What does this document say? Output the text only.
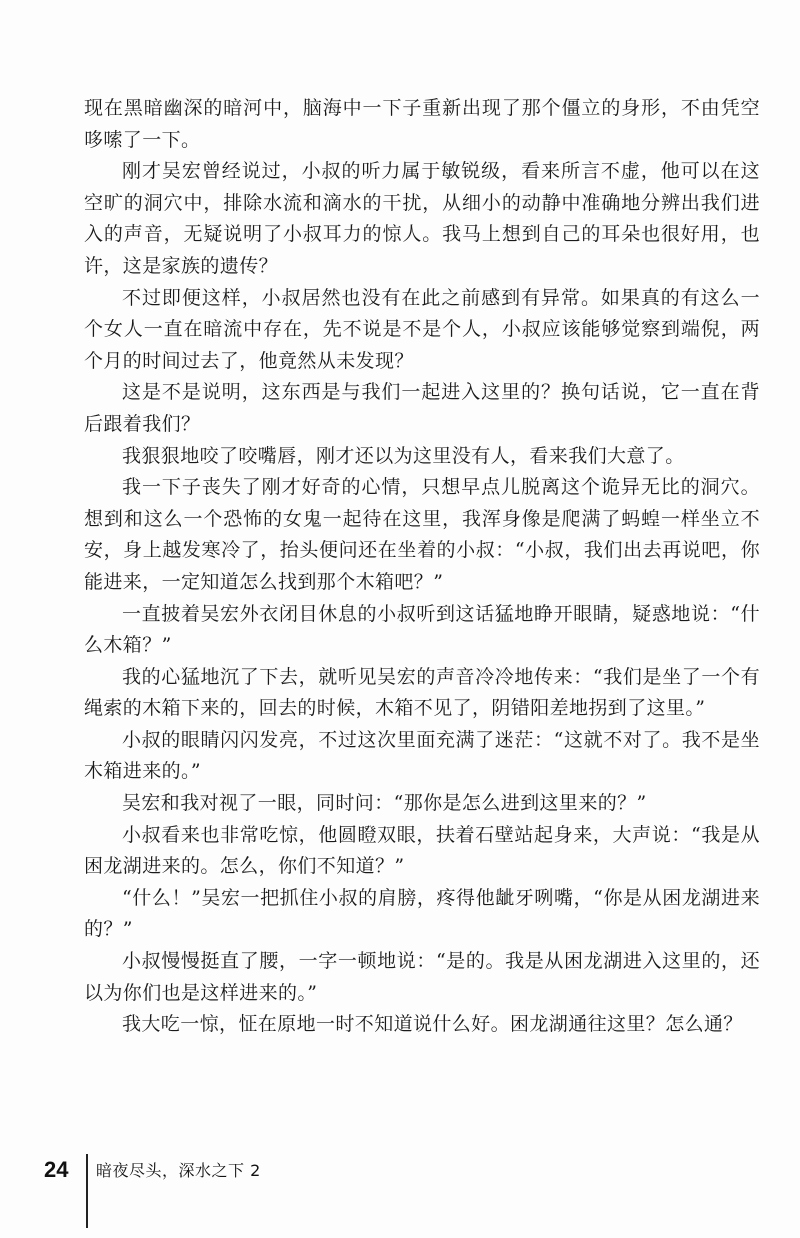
现在黑暗幽深的暗河中，脑海中一下子重新出现了那个僵立的身形，不由凭空哆嗦了一下。

刚才吴宏曾经说过，小叔的听力属于敏锐级，看来所言不虚，他可以在这空旷的洞穴中，排除水流和滴水的干扰，从细小的动静中准确地分辨出我们进入的声音，无疑说明了小叔耳力的惊人。我马上想到自己的耳朵也很好用，也许，这是家族的遗传？

不过即便这样，小叔居然也没有在此之前感到有异常。如果真的有这么一个女人一直在暗流中存在，先不说是不是个人，小叔应该能够觉察到端倪，两个月的时间过去了，他竟然从未发现？

这是不是说明，这东西是与我们一起进入这里的？换句话说，它一直在背后跟着我们？

我狠狠地咬了咬嘴唇，刚才还以为这里没有人，看来我们大意了。

我一下子丧失了刚才好奇的心情，只想早点儿脱离这个诡异无比的洞穴。想到和这么一个恐怖的女鬼一起待在这里，我浑身像是爬满了蚂蝗一样坐立不安，身上越发寒冷了，抬头便问还在坐着的小叔：“小叔，我们出去再说吧，你能进来，一定知道怎么找到那个木箱吧？”

一直披着吴宏外衣闭目休息的小叔听到这话猛地睁开眼睛，疑惑地说：“什么木箱？”

我的心猛地沉了下去，就听见吴宏的声音冷冷地传来：“我们是坐了一个有绳索的木箱下来的，回去的时候，木箱不见了，阴错阳差地拐到了这里。”

小叔的眼睛闪闪发亮，不过这次里面充满了迷茫：“这就不对了。我不是坐木箱进来的。”

吴宏和我对视了一眼，同时问：“那你是怎么进到这里来的？”

小叔看来也非常吃惊，他圆瞪双眼，扶着石壁站起身来，大声说：“我是从困龙湖进来的。怎么，你们不知道？”

“什么！”吴宏一把抓住小叔的肩膀，疼得他龇牙咧嘴，“你是从困龙湖进来的？”

小叔慢慢挺直了腰，一字一顿地说：“是的。我是从困龙湖进入这里的，还以为你们也是这样进来的。”

我大吃一惊，怔在原地一时不知道说什么好。困龙湖通往这里？怎么通？

24 暗夜尽头，深水之下 2
